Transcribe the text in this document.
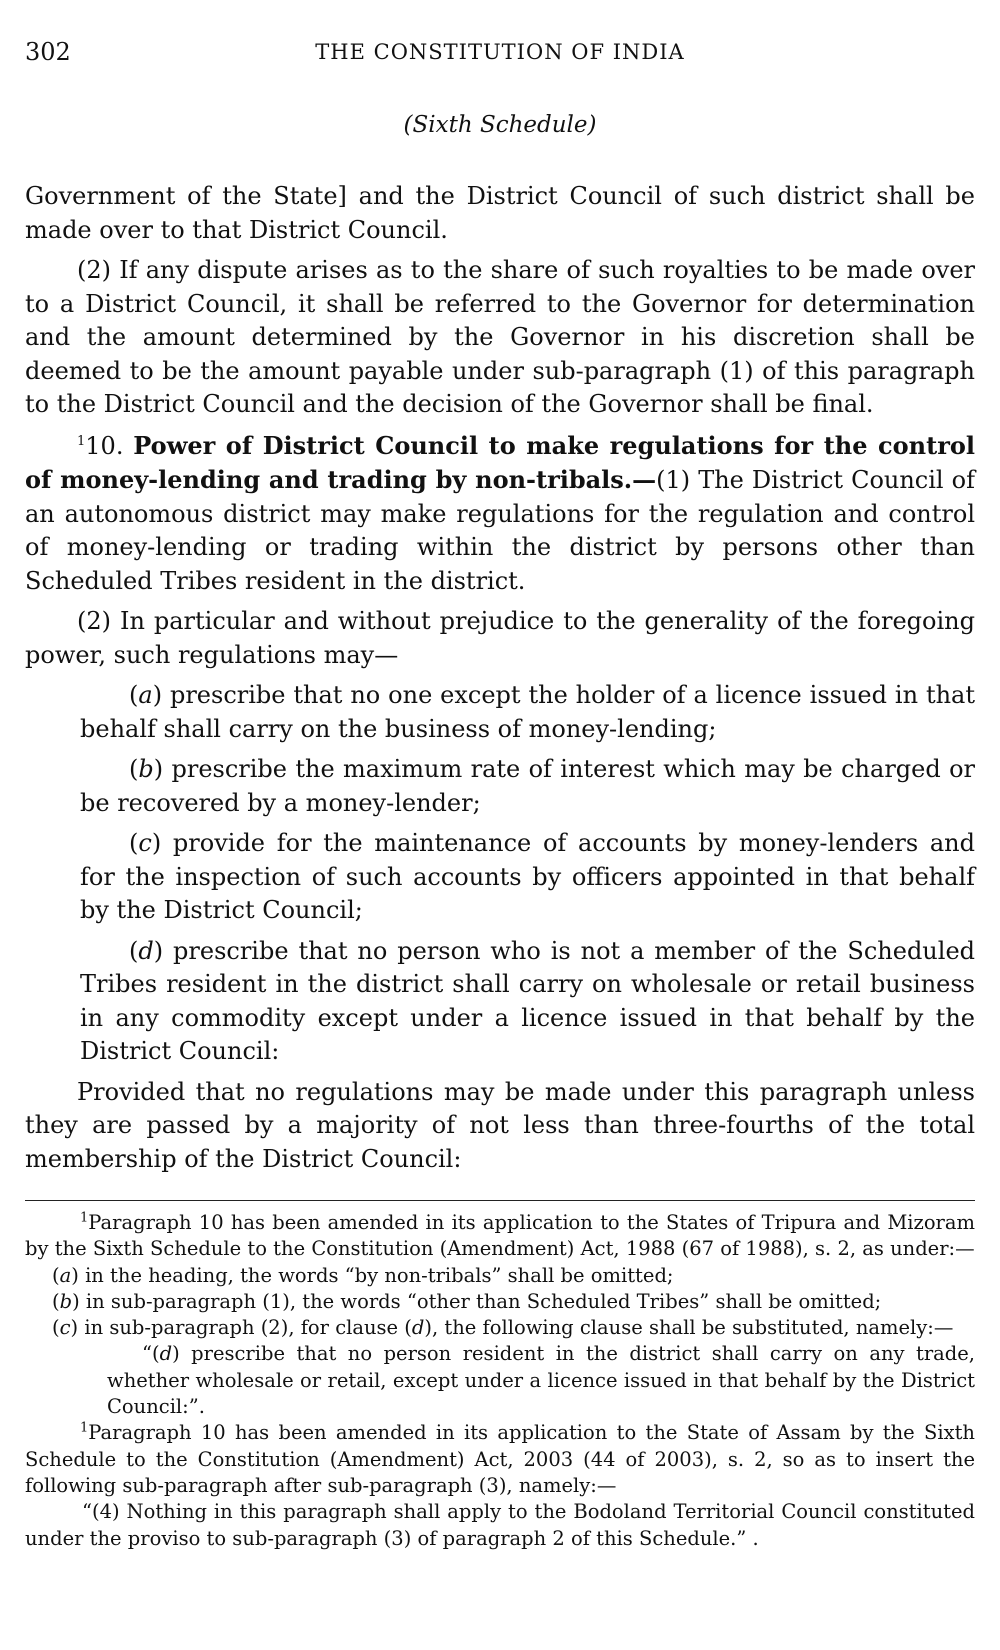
302	THE CONSTITUTION OF INDIA
(Sixth Schedule)

Government of the State] and the District Council of such district shall be made over to that District Council.

(2) If any dispute arises as to the share of such royalties to be made over to a District Council, it shall be referred to the Governor for determination and the amount determined by the Governor in his discretion shall be deemed to be the amount payable under sub-paragraph (1) of this paragraph to the District Council and the decision of the Governor shall be final.

$^1$10. Power of District Council to make regulations for the control of money-lending and trading by non-tribals.—(1) The District Council of an autonomous district may make regulations for the regulation and control of money-lending or trading within the district by persons other than Scheduled Tribes resident in the district.

(2) In particular and without prejudice to the generality of the foregoing power, such regulations may—

(a) prescribe that no one except the holder of a licence issued in that behalf shall carry on the business of money-lending;

(b) prescribe the maximum rate of interest which may be charged or be recovered by a money-lender;

(c) provide for the maintenance of accounts by money-lenders and for the inspection of such accounts by officers appointed in that behalf by the District Council;

(d) prescribe that no person who is not a member of the Scheduled Tribes resident in the district shall carry on wholesale or retail business in any commodity except under a licence issued in that behalf by the District Council:

Provided that no regulations may be made under this paragraph unless they are passed by a majority of not less than three-fourths of the total membership of the District Council:

$^1$Paragraph 10 has been amended in its application to the States of Tripura and Mizoram by the Sixth Schedule to the Constitution (Amendment) Act, 1988 (67 of 1988), s. 2, as under:—

(a) in the heading, the words “by non-tribals” shall be omitted;

(b) in sub-paragraph (1), the words “other than Scheduled Tribes” shall be omitted;

(c) in sub-paragraph (2), for clause (d), the following clause shall be substituted, namely:—

“(d) prescribe that no person resident in the district shall carry on any trade, whether wholesale or retail, except under a licence issued in that behalf by the District Council:”.

$^1$Paragraph 10 has been amended in its application to the State of Assam by the Sixth Schedule to the Constitution (Amendment) Act, 2003 (44 of 2003), s. 2, so as to insert the following sub-paragraph after sub-paragraph (3), namely:—

“(4) Nothing in this paragraph shall apply to the Bodoland Territorial Council constituted under the proviso to sub-paragraph (3) of paragraph 2 of this Schedule.” .
